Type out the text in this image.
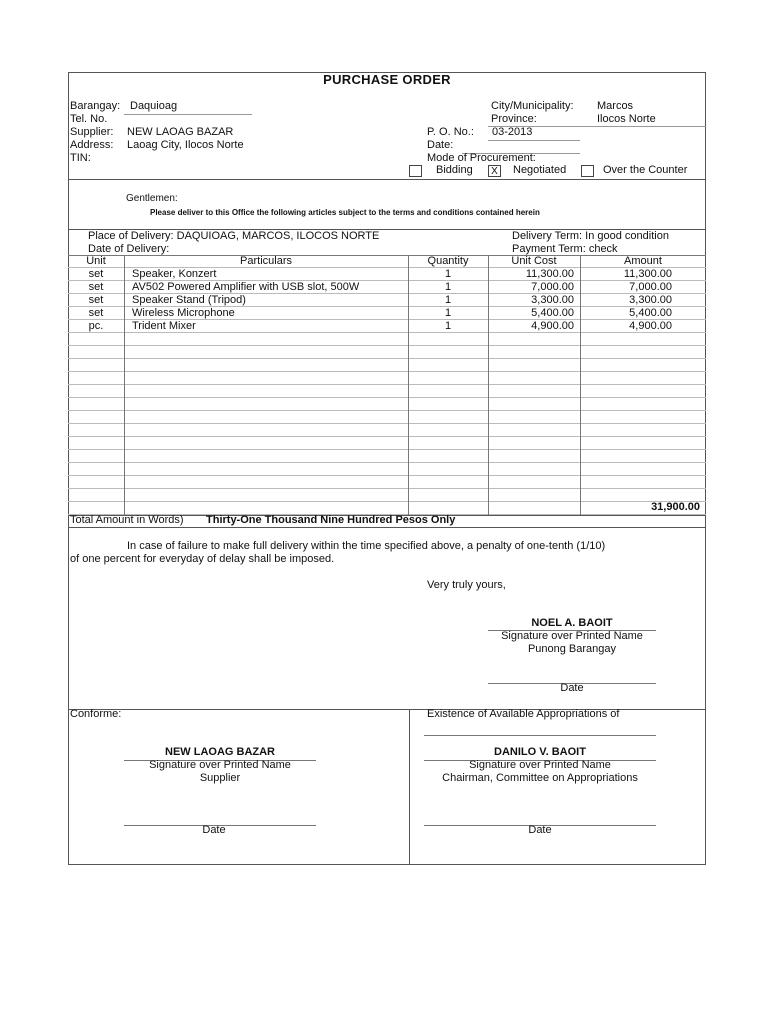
PURCHASE ORDER
Barangay: Daquioag
Tel. No.
City/Municipality: Marcos
Province:	Ilocos Norte
Supplier: NEW LAOAG BAZAR
Address: Laoag City, Ilocos Norte
TIN:
P. O. No.: 03-2013
Date:
Mode of Procurement:
Bidding	X Negotiated	Over the Counter
Gentlemen:
Please deliver to this Office the following articles subject to the terms and conditions contained herein
Place of Delivery: DAQUIOAG, MARCOS, ILOCOS NORTE
Date of Delivery:
Delivery Term: In good condition
Payment Term: check
Unit	Particulars	Quantity	Unit Cost	Amount
set	Speaker, Konzert	1	11,300.00	11,300.00
set	AV502 Powered Amplifier with USB slot, 500W	1	7,000.00	7,000.00
set	Speaker Stand (Tripod)	1	3,300.00	3,300.00
set	Wireless Microphone	1	5,400.00	5,400.00
pc.	Trident Mixer	1	4,900.00	4,900.00
31,900.00
Total Amount in Words) Thirty-One Thousand Nine Hundred Pesos Only
In case of failure to make full delivery within the time specified above, a penalty of one-tenth (1/10)
of one percent for everyday of delay shall be imposed.
Very truly yours,
NOEL A. BAOIT
Signature over Printed Name
Punong Barangay
Date
Conforme:
NEW LAOAG BAZAR
Signature over Printed Name
Supplier
Date
Existence of Available Appropriations of
DANILO V. BAOIT
Signature over Printed Name
Chairman, Committee on Appropriations
Date
